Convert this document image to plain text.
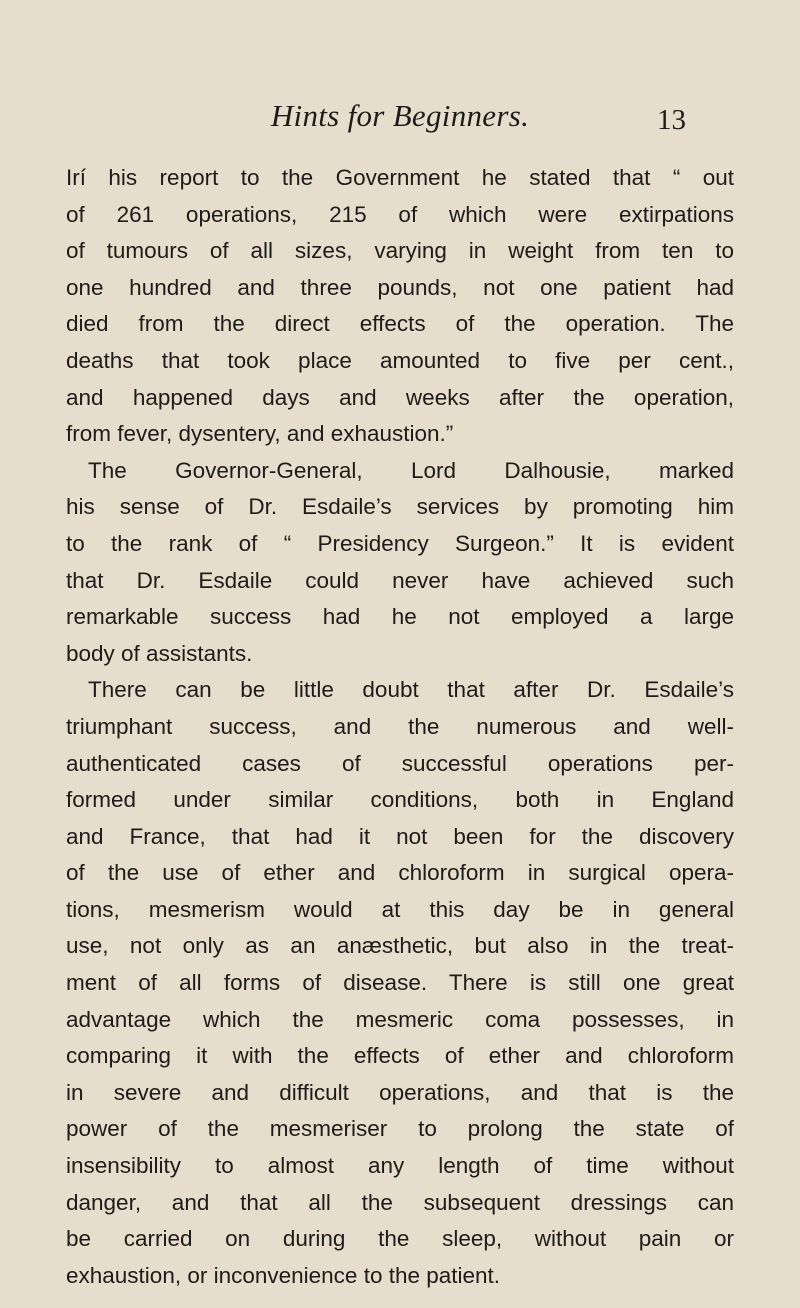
Hints for Beginners.	13
Irí his report to the Government he stated that “ out
of 261 operations, 215 of which were extirpations
of tumours of all sizes, varying in weight from ten to
one hundred and three pounds, not one patient had
died from the direct effects of the operation. The
deaths that took place amounted to five per cent.,
and happened days and weeks after the operation,
from fever, dysentery, and exhaustion.”
The Governor-General, Lord Dalhousie, marked
his sense of Dr. Esdaile’s services by promoting him
to the rank of “ Presidency Surgeon.” It is evident
that Dr. Esdaile could never have achieved such
remarkable success had he not employed a large
body of assistants.
There can be little doubt that after Dr. Esdaile’s
triumphant success, and the numerous and well-
authenticated cases of successful operations per-
formed under similar conditions, both in England
and France, that had it not been for the discovery
of the use of ether and chloroform in surgical opera-
tions, mesmerism would at this day be in general
use, not only as an anæsthetic, but also in the treat-
ment of all forms of disease. There is still one great
advantage which the mesmeric coma possesses, in
comparing it with the effects of ether and chloroform
in severe and difficult operations, and that is the
power of the mesmeriser to prolong the state of
insensibility to almost any length of time without
danger, and that all the subsequent dressings can
be carried on during the sleep, without pain or
exhaustion, or inconvenience to the patient.
